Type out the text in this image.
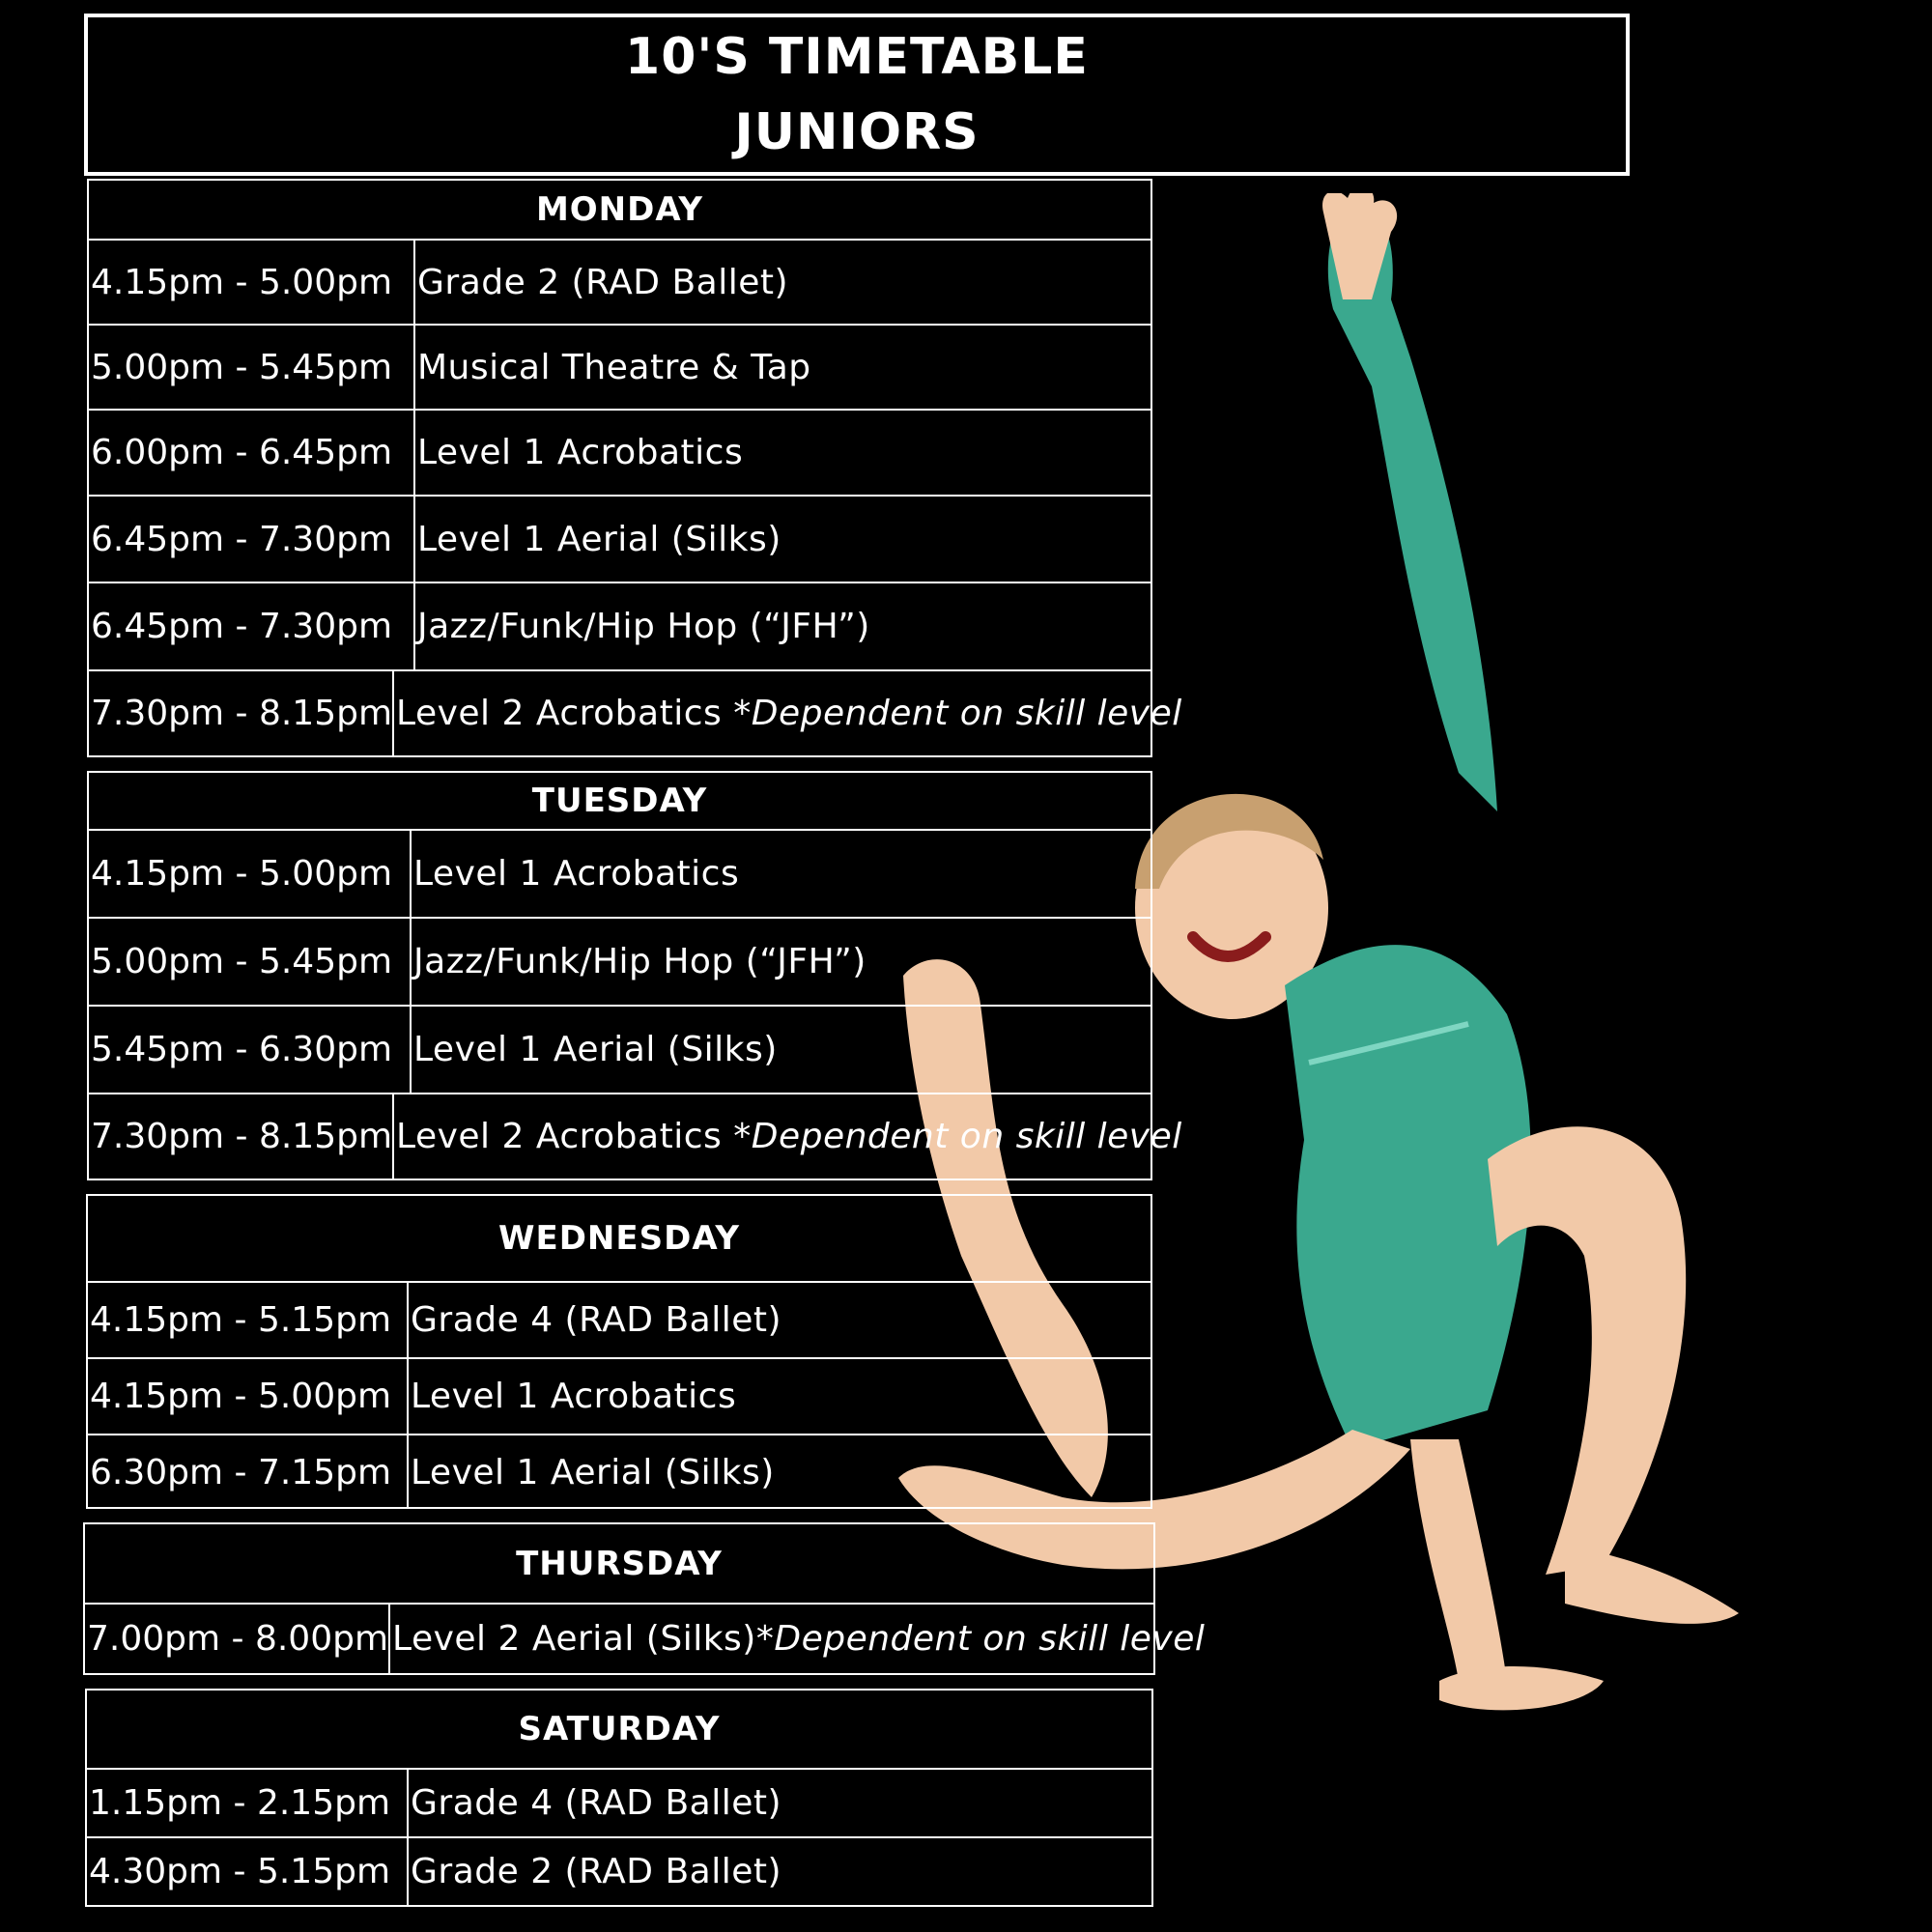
10'S TIMETABLE
JUNIORS
MONDAY
4.15pm - 5.00pm Grade 2 (RAD Ballet)
5.00pm - 5.45pm Musical Theatre & Tap
6.00pm - 6.45pm Level 1 Acrobatics
6.45pm - 7.30pm Level 1 Aerial (Silks)
6.45pm - 7.30pm Jazz/Funk/Hip Hop (“JFH”)
7.30pm - 8.15pm Level 2 Acrobatics *Dependent on skill level
TUESDAY
4.15pm - 5.00pm Level 1 Acrobatics
5.00pm - 5.45pm Jazz/Funk/Hip Hop (“JFH”)
5.45pm - 6.30pm Level 1 Aerial (Silks)
7.30pm - 8.15pm Level 2 Acrobatics *Dependent on skill level
WEDNESDAY
4.15pm - 5.15pm Grade 4 (RAD Ballet)
4.15pm - 5.00pm Level 1 Acrobatics
6.30pm - 7.15pm Level 1 Aerial (Silks)
THURSDAY
7.00pm - 8.00pm Level 2 Aerial (Silks) *Dependent on skill level
SATURDAY
1.15pm - 2.15pm Grade 4 (RAD Ballet)
4.30pm - 5.15pm Grade 2 (RAD Ballet)
